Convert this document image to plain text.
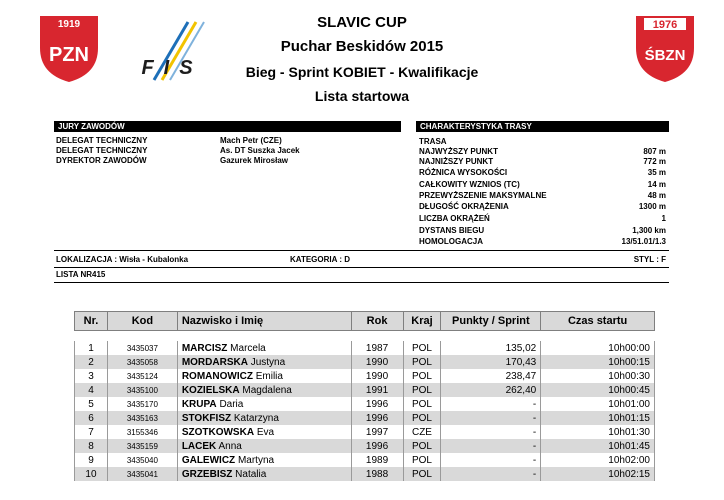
1919
PZN
FIS
1976
ŚBZN
SLAVIC CUP
Puchar Beskidów 2015
Bieg - Sprint KOBIET - Kwalifikacje
Lista startowa
JURY ZAWODÓW
DELEGAT TECHNICZNY	Mach Petr (CZE)
DELEGAT TECHNICZNY	As. DT Suszka Jacek
DYREKTOR ZAWODÓW	Gazurek Mirosław
CHARAKTERYSTYKA TRASY
TRASA
NAJWYŻSZY PUNKT	807 m
NAJNIŻSZY PUNKT	772 m
RÓŻNICA WYSOKOŚCI	35 m
CAŁKOWITY WZNIOS (TC)	14 m
PRZEWYŻSZENIE MAKSYMALNE	48 m
DŁUGOŚĆ OKRĄŻENIA	1300 m
LICZBA OKRĄŻEŃ	1
DYSTANS BIEGU	1,300 km
HOMOLOGACJA	13/51.01/1.3
LOKALIZACJA : Wisła - Kubalonka	KATEGORIA : D	STYL : F
LISTA NR415
Nr.	Kod	Nazwisko i Imię	Rok	Kraj	Punkty / Sprint	Czas startu

1	3435037	MARCISZ Marcela	1987	POL	135,02	10h00:00
2	3435058	MORDARSKA Justyna	1990	POL	170,43	10h00:15
3	3435124	ROMANOWICZ Emilia	1990	POL	238,47	10h00:30
4	3435100	KOZIELSKA Magdalena	1991	POL	262,40	10h00:45
5	3435170	KRUPA Daria	1996	POL	-	10h01:00
6	3435163	STOKFISZ Katarzyna	1996	POL	-	10h01:15
7	3155346	SZOTKOWSKA Eva	1997	CZE	-	10h01:30
8	3435159	LACEK Anna	1996	POL	-	10h01:45
9	3435040	GALEWICZ Martyna	1989	POL	-	10h02:00
10	3435041	GRZEBISZ Natalia	1988	POL	-	10h02:15
